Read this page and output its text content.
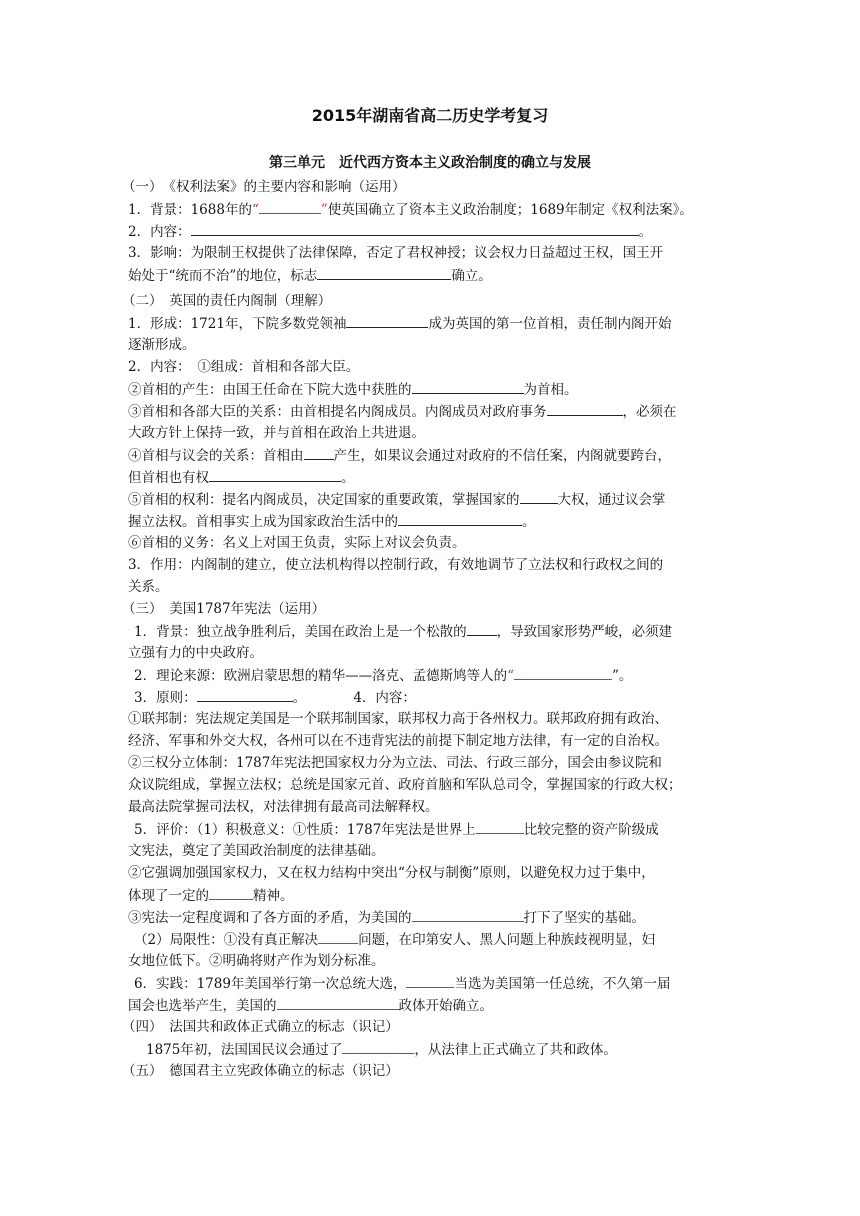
2015年湖南省高二历史学考复习
第三单元　近代西方资本主义政治制度的确立与发展
（一）　《权利法案》的主要内容和影响（运用）
1．背景：1688年的“	”使英国确立了资本主义政治制度；1689年制定《权利法案》。
2．内容：	。
3．影响：为限制王权提供了法律保障，否定了君权神授；议会权力日益超过王权，国王开
始处于“统而不治”的地位，标志	确立。
（二）　英国的责任内阁制（理解）
1．形成：1721年，下院多数党领袖	成为英国的第一位首相，责任制内阁开始
逐渐形成。
2．内容：　①组成：首相和各部大臣。
②首相的产生：由国王任命在下院大选中获胜的	为首相。
③首相和各部大臣的关系：由首相提名内阁成员。内阁成员对政府事务	，必须在
大政方针上保持一致，并与首相在政治上共进退。
④首相与议会的关系：首相由 产生，如果议会通过对政府的不信任案，内阁就要跨台，
但首相也有权	。
⑤首相的权利：提名内阁成员，决定国家的重要政策，掌握国家的	大权，通过议会掌
握立法权。首相事实上成为国家政治生活中的	。
⑥首相的义务：名义上对国王负责，实际上对议会负责。
3．作用：内阁制的建立，使立法机构得以控制行政，有效地调节了立法权和行政权之间的
关系。
（三）　美国1787年宪法（运用）
1．背景：独立战争胜利后，美国在政治上是一个松散的 ，导致国家形势严峻，必须建
立强有力的中央政府。
2．理论来源：欧洲启蒙思想的精华——洛克、孟德斯鸠等人的“	”。
3．原则：	。　　　　4．内容：
①联邦制：宪法规定美国是一个联邦制国家，联邦权力高于各州权力。联邦政府拥有政治、
经济、军事和外交大权，各州可以在不违背宪法的前提下制定地方法律，有一定的自治权。
②三权分立体制：1787年宪法把国家权力分为立法、司法、行政三部分，国会由参议院和
众议院组成，掌握立法权；总统是国家元首、政府首脑和军队总司令，掌握国家的行政大权；
最高法院掌握司法权，对法律拥有最高司法解释权。
5．评价：（1）积极意义：①性质：1787年宪法是世界上	比较完整的资产阶级成
文宪法，奠定了美国政治制度的法律基础。
②它强调加强国家权力，又在权力结构中突出“分权与制衡”原则，以避免权力过于集中，
体现了一定的	精神。
③宪法一定程度调和了各方面的矛盾，为美国的	打下了坚实的基础。
（2）局限性：①没有真正解决	问题，在印第安人、黑人问题上种族歧视明显，妇
女地位低下。②明确将财产作为划分标准。
6．实践：1789年美国举行第一次总统大选，	当选为美国第一任总统，不久第一届
国会也选举产生，美国的	政体开始确立。
（四）　法国共和政体正式确立的标志（识记）
1875年初，法国国民议会通过了	，从法律上正式确立了共和政体。
（五）　德国君主立宪政体确立的标志（识记）
